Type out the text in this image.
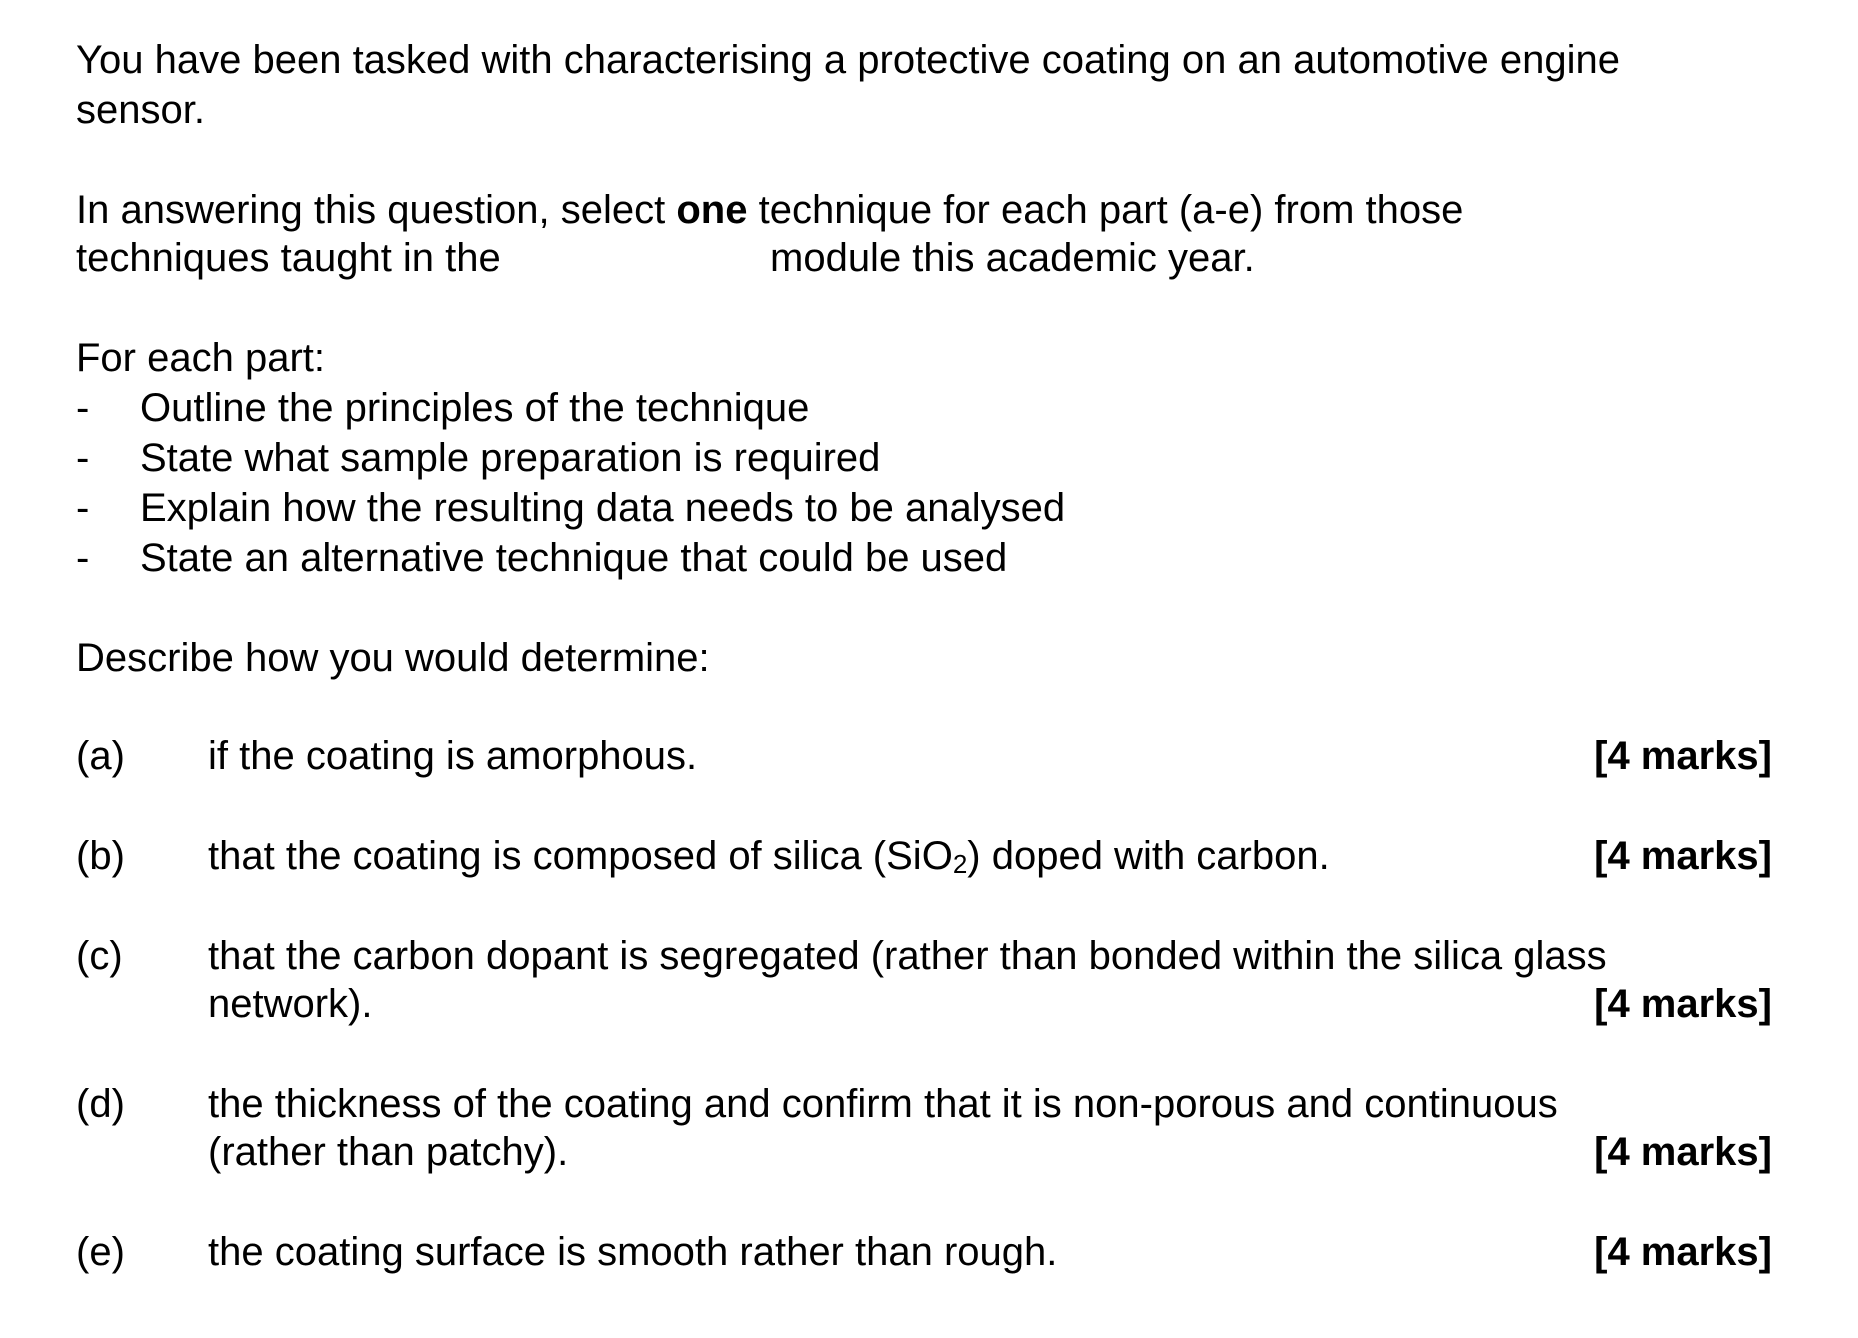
You have been tasked with characterising a protective coating on an automotive engine
sensor.
In answering this question, select one technique for each part (a-e) from those
techniques taught in the	module this academic year.
For each part:
- Outline the principles of the technique
- State what sample preparation is required
- Explain how the resulting data needs to be analysed
- State an alternative technique that could be used
Describe how you would determine:
(a) if the coating is amorphous.	[4 marks]
(b) that the coating is composed of silica (SiO$_2$) doped with carbon.	[4 marks]
(c) that the carbon dopant is segregated (rather than bonded within the silica glass
network).	[4 marks]
(d) the thickness of the coating and confirm that it is non-porous and continuous
(rather than patchy).	[4 marks]
(e) the coating surface is smooth rather than rough.	[4 marks]
